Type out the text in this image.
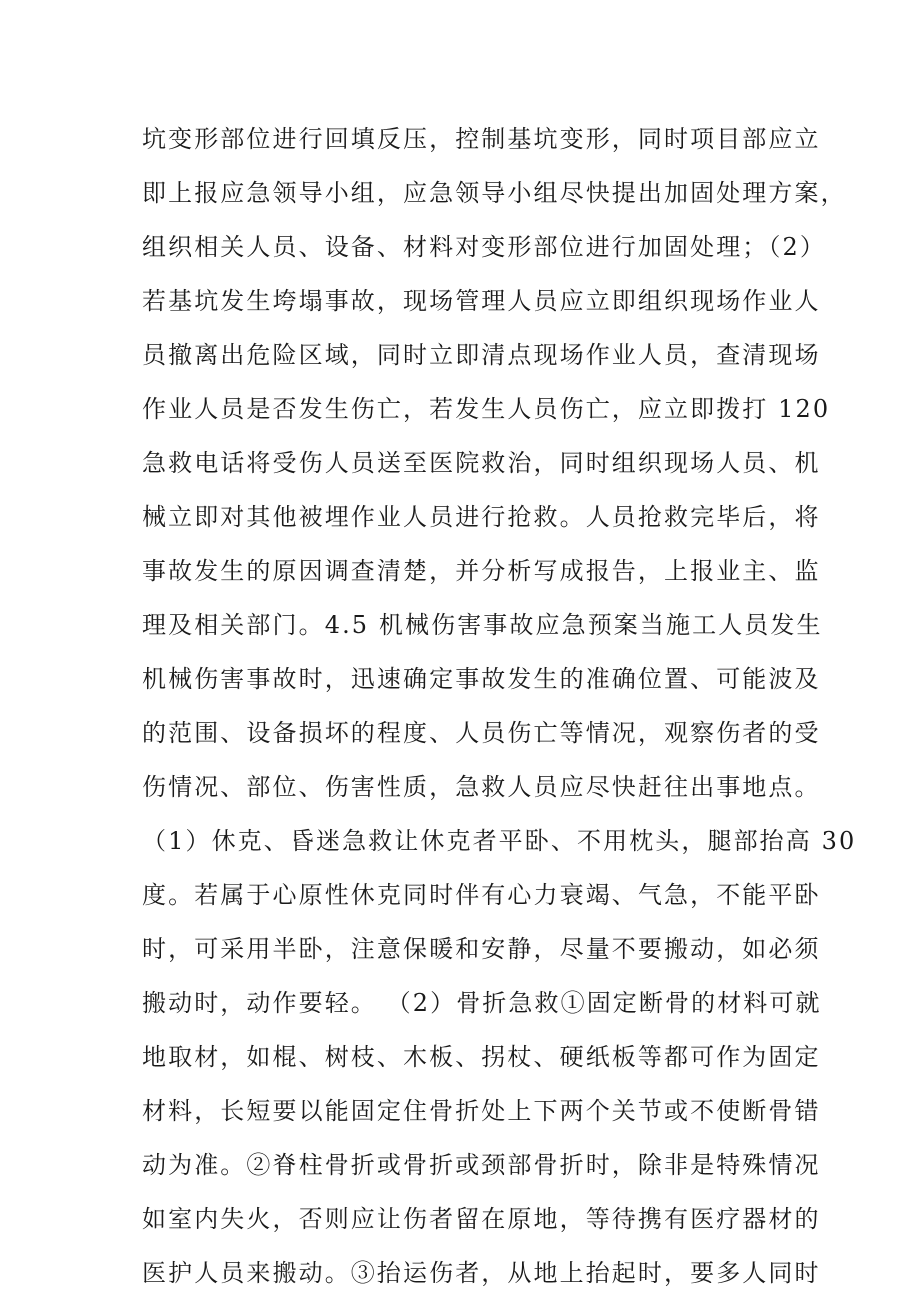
坑变形部位进行回填反压，控制基坑变形，同时项目部应立
即上报应急领导小组，应急领导小组尽快提出加固处理方案，
组织相关人员、设备、材料对变形部位进行加固处理；（2）
若基坑发生垮塌事故，现场管理人员应立即组织现场作业人
员撤离出危险区域，同时立即清点现场作业人员，查清现场
作业人员是否发生伤亡，若发生人员伤亡，应立即拨打 120
急救电话将受伤人员送至医院救治，同时组织现场人员、机
械立即对其他被埋作业人员进行抢救。人员抢救完毕后，将
事故发生的原因调查清楚，并分析写成报告，上报业主、监
理及相关部门。4.5 机械伤害事故应急预案当施工人员发生
机械伤害事故时，迅速确定事故发生的准确位置、可能波及
的范围、设备损坏的程度、人员伤亡等情况，观察伤者的受
伤情况、部位、伤害性质，急救人员应尽快赶往出事地点。
（1）休克、昏迷急救让休克者平卧、不用枕头，腿部抬高 30
度。若属于心原性休克同时伴有心力衰竭、气急，不能平卧
时，可采用半卧，注意保暖和安静，尽量不要搬动，如必须
搬动时，动作要轻。 （2）骨折急救①固定断骨的材料可就
地取材，如棍、树枝、木板、拐杖、硬纸板等都可作为固定
材料，长短要以能固定住骨折处上下两个关节或不使断骨错
动为准。②脊柱骨折或骨折或颈部骨折时，除非是特殊情况
如室内失火，否则应让伤者留在原地，等待携有医疗器材的
医护人员来搬动。③抬运伤者，从地上抬起时，要多人同时
